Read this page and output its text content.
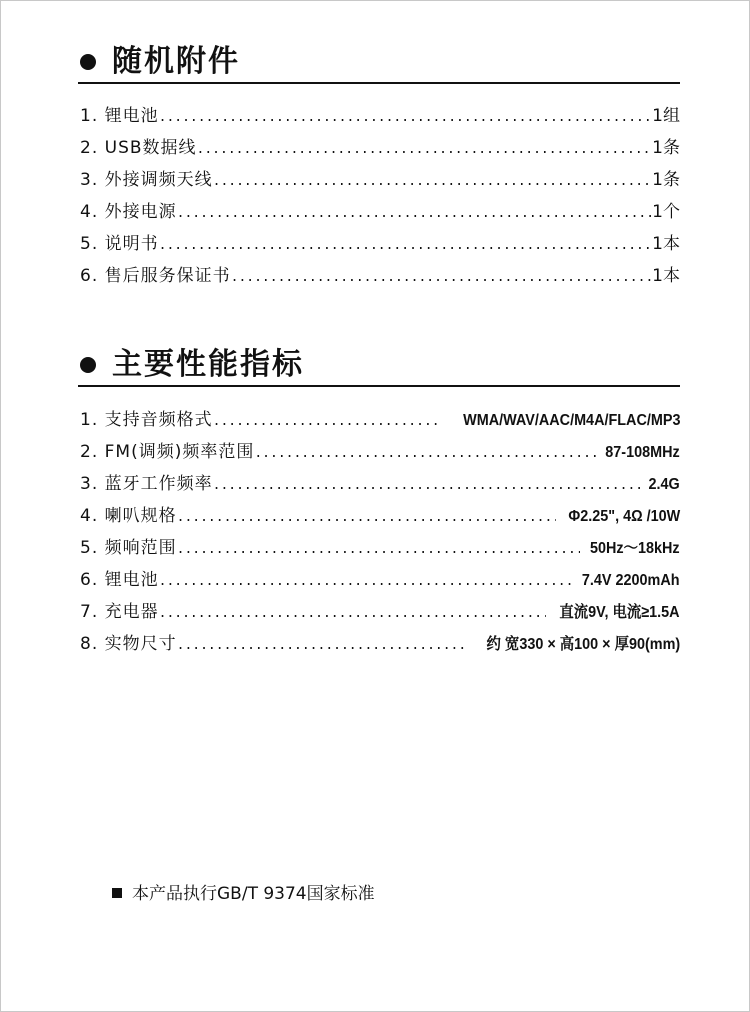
随机附件
1. 锂电池 .....	1组
2. USB数据线 .....	1条
3. 外接调频天线 .....	1条
4. 外接电源 .....	1个
5. 说明书 .....	1本
6. 售后服务保证书 .....	1本
主要性能指标
1. 支持音频格式 .....	WMA/WAV/AAC/M4A/FLAC/MP3
2. FM(调频)频率范围 .....	87-108MHz
3. 蓝牙工作频率 .....	2.4G
4. 喇叭规格 .....	Φ2.25", 4Ω /10W
5. 频响范围 .....	50Hz～18kHz
6. 锂电池 .....	7.4V 2200mAh
7. 充电器 .....	直流9V, 电流≥1.5A
8. 实物尺寸 .....	约 宽330 × 高100 × 厚90(mm)
本产品执行GB/T 9374国家标准
